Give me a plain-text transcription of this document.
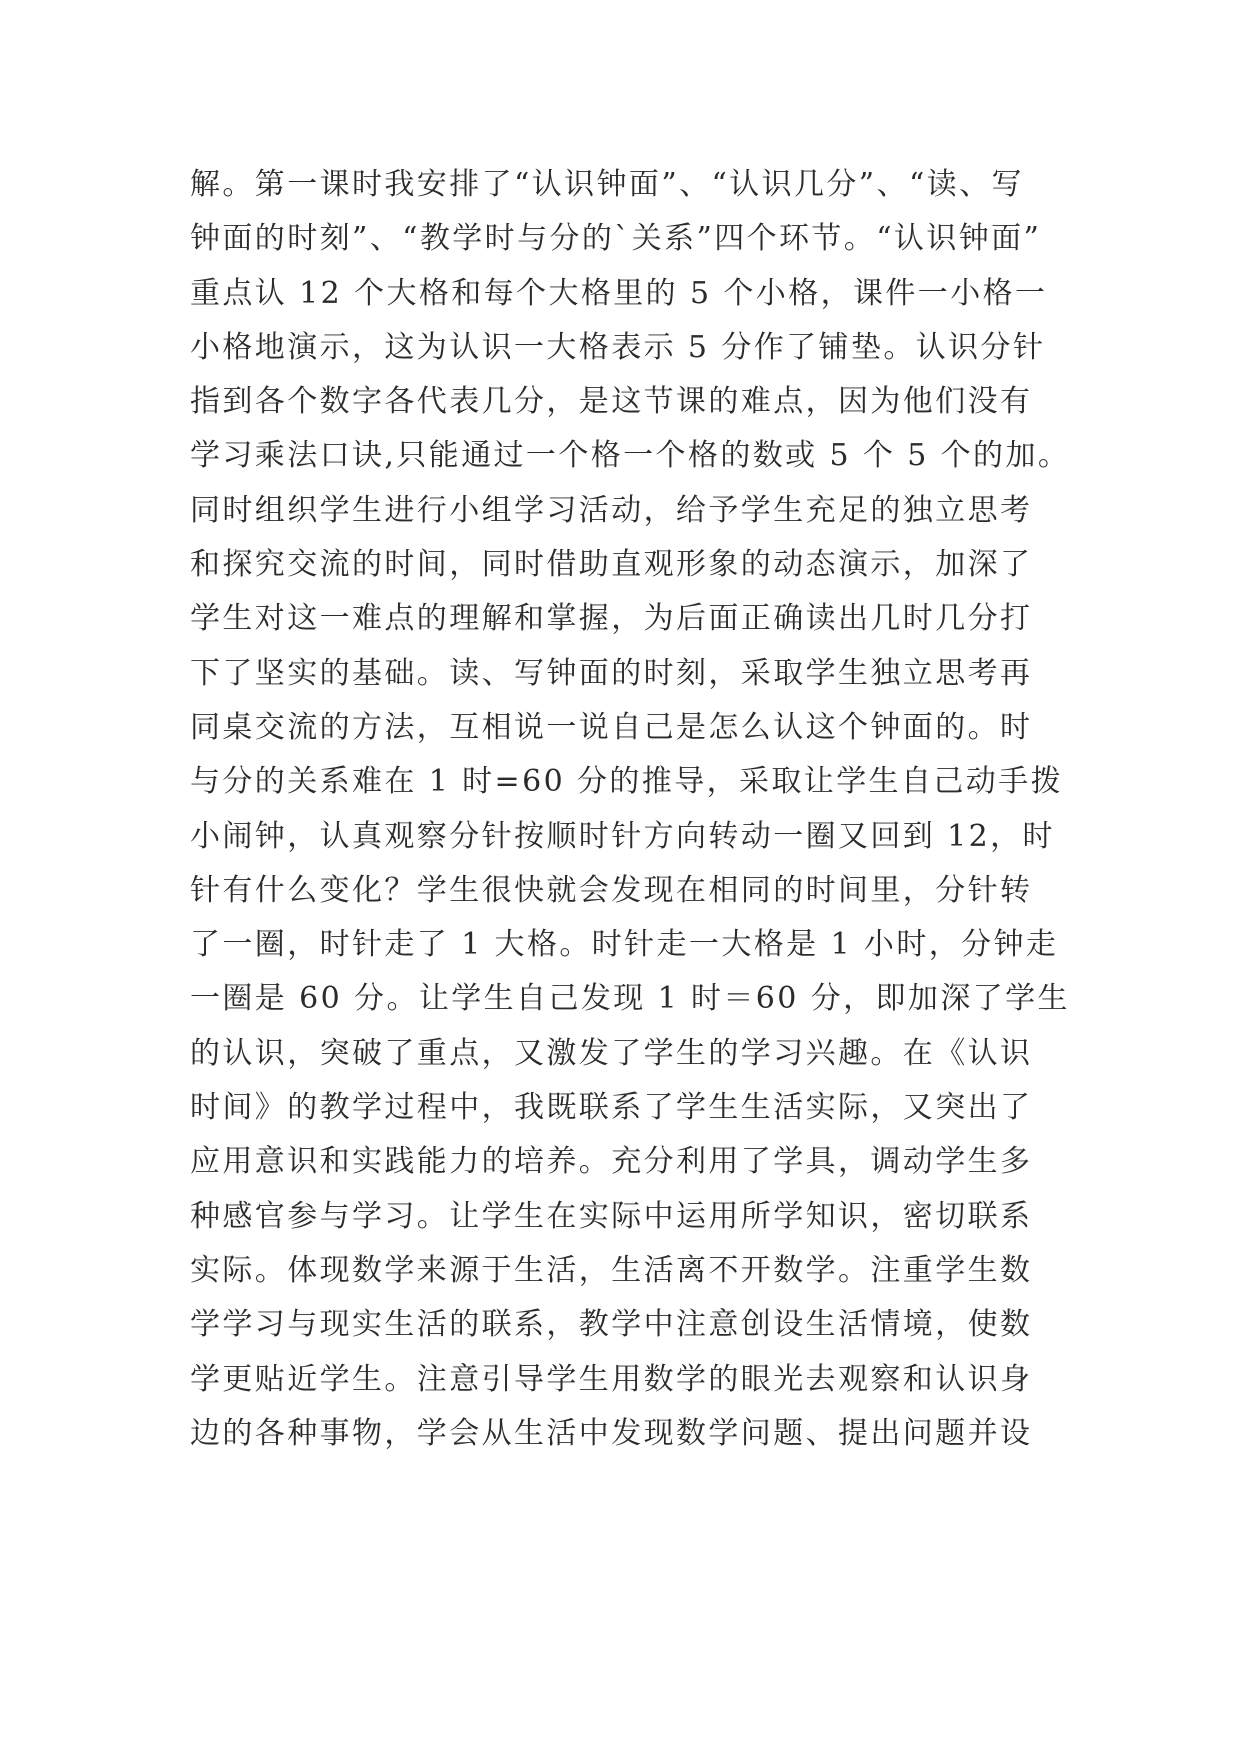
解。第一课时我安排了“认识钟面”、“认识几分”、“读、写
钟面的时刻”、“教学时与分的`关系”四个环节。“认识钟面”
重点认 12 个大格和每个大格里的 5 个小格，课件一小格一
小格地演示，这为认识一大格表示 5 分作了铺垫。认识分针
指到各个数字各代表几分，是这节课的难点，因为他们没有
学习乘法口诀,只能通过一个格一个格的数或 5 个 5 个的加。
同时组织学生进行小组学习活动，给予学生充足的独立思考
和探究交流的时间，同时借助直观形象的动态演示，加深了
学生对这一难点的理解和掌握，为后面正确读出几时几分打
下了坚实的基础。读、写钟面的时刻，采取学生独立思考再
同桌交流的方法，互相说一说自己是怎么认这个钟面的。时
与分的关系难在 1 时=60 分的推导，采取让学生自己动手拨
小闹钟，认真观察分针按顺时针方向转动一圈又回到 12，时
针有什么变化？学生很快就会发现在相同的时间里，分针转
了一圈，时针走了 1 大格。时针走一大格是 1 小时，分钟走
一圈是 60 分。让学生自己发现 1 时＝60 分，即加深了学生
的认识，突破了重点，又激发了学生的学习兴趣。在《认识
时间》的教学过程中，我既联系了学生生活实际，又突出了
应用意识和实践能力的培养。充分利用了学具，调动学生多
种感官参与学习。让学生在实际中运用所学知识，密切联系
实际。体现数学来源于生活，生活离不开数学。注重学生数
学学习与现实生活的联系，教学中注意创设生活情境，使数
学更贴近学生。注意引导学生用数学的眼光去观察和认识身
边的各种事物，学会从生活中发现数学问题、提出问题并设
